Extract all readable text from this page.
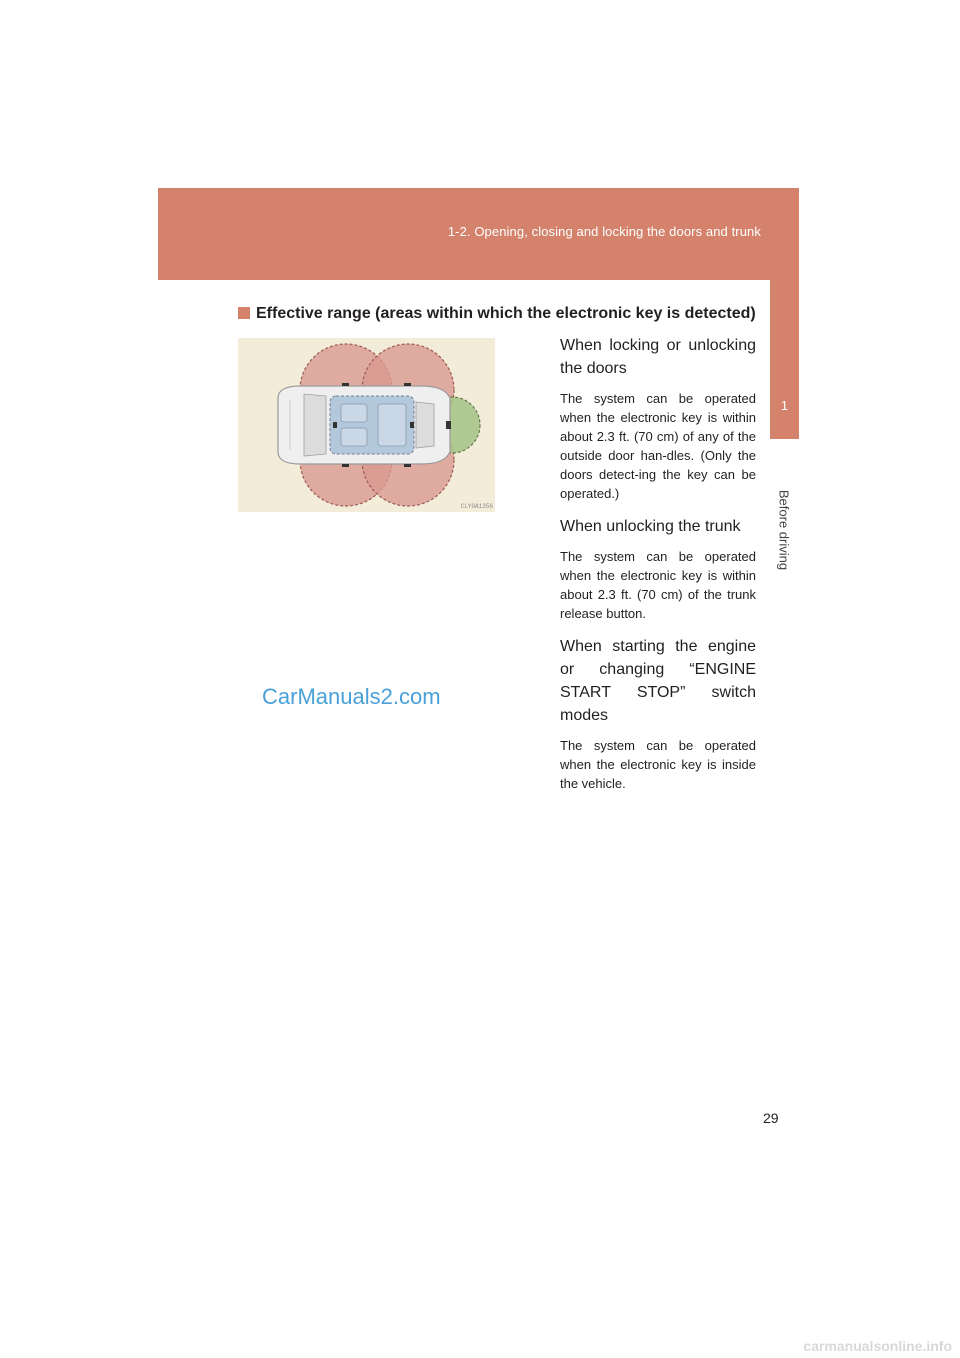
1-2. Opening, closing and locking the doors and trunk
1
Before driving
Effective range (areas within which the electronic key is detected)
CLY0A1356
When locking or unlocking the doors
The system can be operated when the electronic key is within about 2.3 ft. (70 cm) of any of the outside door han-dles. (Only the doors detect-ing the key can be operated.)
When unlocking the trunk
The system can be operated when the electronic key is within about 2.3 ft. (70 cm) of the trunk release button.
When starting the engine or changing “ENGINE START STOP” switch modes
The system can be operated when the electronic key is inside the vehicle.
CarManuals2.com
29
carmanualsonline.info
